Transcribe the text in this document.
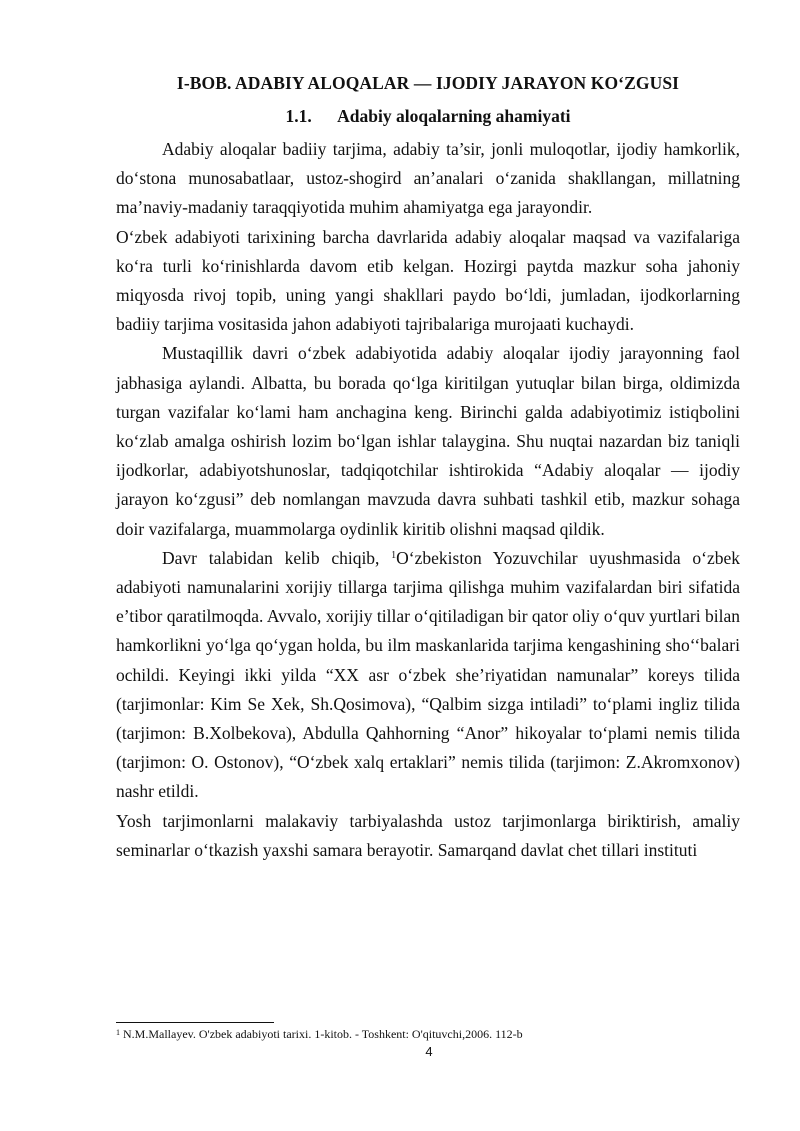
I-BOB. ADABIY ALOQALAR — IJODIY JARAYON KO‘ZGUSI
1.1. Adabiy aloqalarning ahamiyati

Adabiy aloqalar badiiy tarjima, adabiy ta’sir, jonli muloqotlar, ijodiy hamkorlik, do‘stona munosabatlaar, ustoz-shogird an’analari o‘zanida shakllangan, millatning ma’naviy-madaniy taraqqiyotida muhim ahamiyatga ega jarayondir.

O‘zbek adabiyoti tarixining barcha davrlarida adabiy aloqalar maqsad va vazifalariga ko‘ra turli ko‘rinishlarda davom etib kelgan. Hozirgi paytda mazkur soha jahoniy miqyosda rivoj topib, uning yangi shakllari paydo bo‘ldi, jumladan, ijodkorlarning badiiy tarjima vositasida jahon adabiyoti tajribalariga murojaati kuchaydi.

Mustaqillik davri o‘zbek adabiyotida adabiy aloqalar ijodiy jarayonning faol jabhasiga aylandi. Albatta, bu borada qo‘lga kiritilgan yutuqlar bilan birga, oldimizda turgan vazifalar ko‘lami ham anchagina keng. Birinchi galda adabiyotimiz istiqbolini ko‘zlab amalga oshirish lozim bo‘lgan ishlar talaygina. Shu nuqtai nazardan biz taniqli ijodkorlar, adabiyotshunoslar, tadqiqotchilar ishtirokida “Adabiy aloqalar — ijodiy jarayon ko‘zgusi” deb nomlangan mavzuda davra suhbati tashkil etib, mazkur sohaga doir vazifalarga, muammolarga oydinlik kiritib olishni maqsad qildik.

Davr talabidan kelib chiqib, $^1$O‘zbekiston Yozuvchilar uyushmasida o‘zbek adabiyoti namunalarini xorijiy tillarga tarjima qilishga muhim vazifalardan biri sifatida e’tibor qaratilmoqda. Avvalo, xorijiy tillar o‘qitiladigan bir qator oliy o‘quv yurtlari bilan hamkorlikni yo‘lga qo‘ygan holda, bu ilm maskanlarida tarjima kengashining sho‘‘balari ochildi. Keyingi ikki yilda “XX asr o‘zbek she’riyatidan namunalar” koreys tilida (tarjimonlar: Kim Se Xek, Sh.Qosimova), “Qalbim sizga intiladi” to‘plami ingliz tilida (tarjimon: B.Xolbekova), Abdulla Qahhorning “Anor” hikoyalar to‘plami nemis tilida (tarjimon: O. Ostonov), “O‘zbek xalq ertaklari” nemis tilida (tarjimon: Z.Akromxonov) nashr etildi.

Yosh tarjimonlarni malakaviy tarbiyalashda ustoz tarjimonlarga biriktirish, amaliy seminarlar o‘tkazish yaxshi samara berayotir. Samarqand davlat chet tillari instituti

$^1$ N.M.Mallayev. O'zbek adabiyoti tarixi. 1-kitob. - Toshkent: O'qituvchi,2006. 112-b
4
